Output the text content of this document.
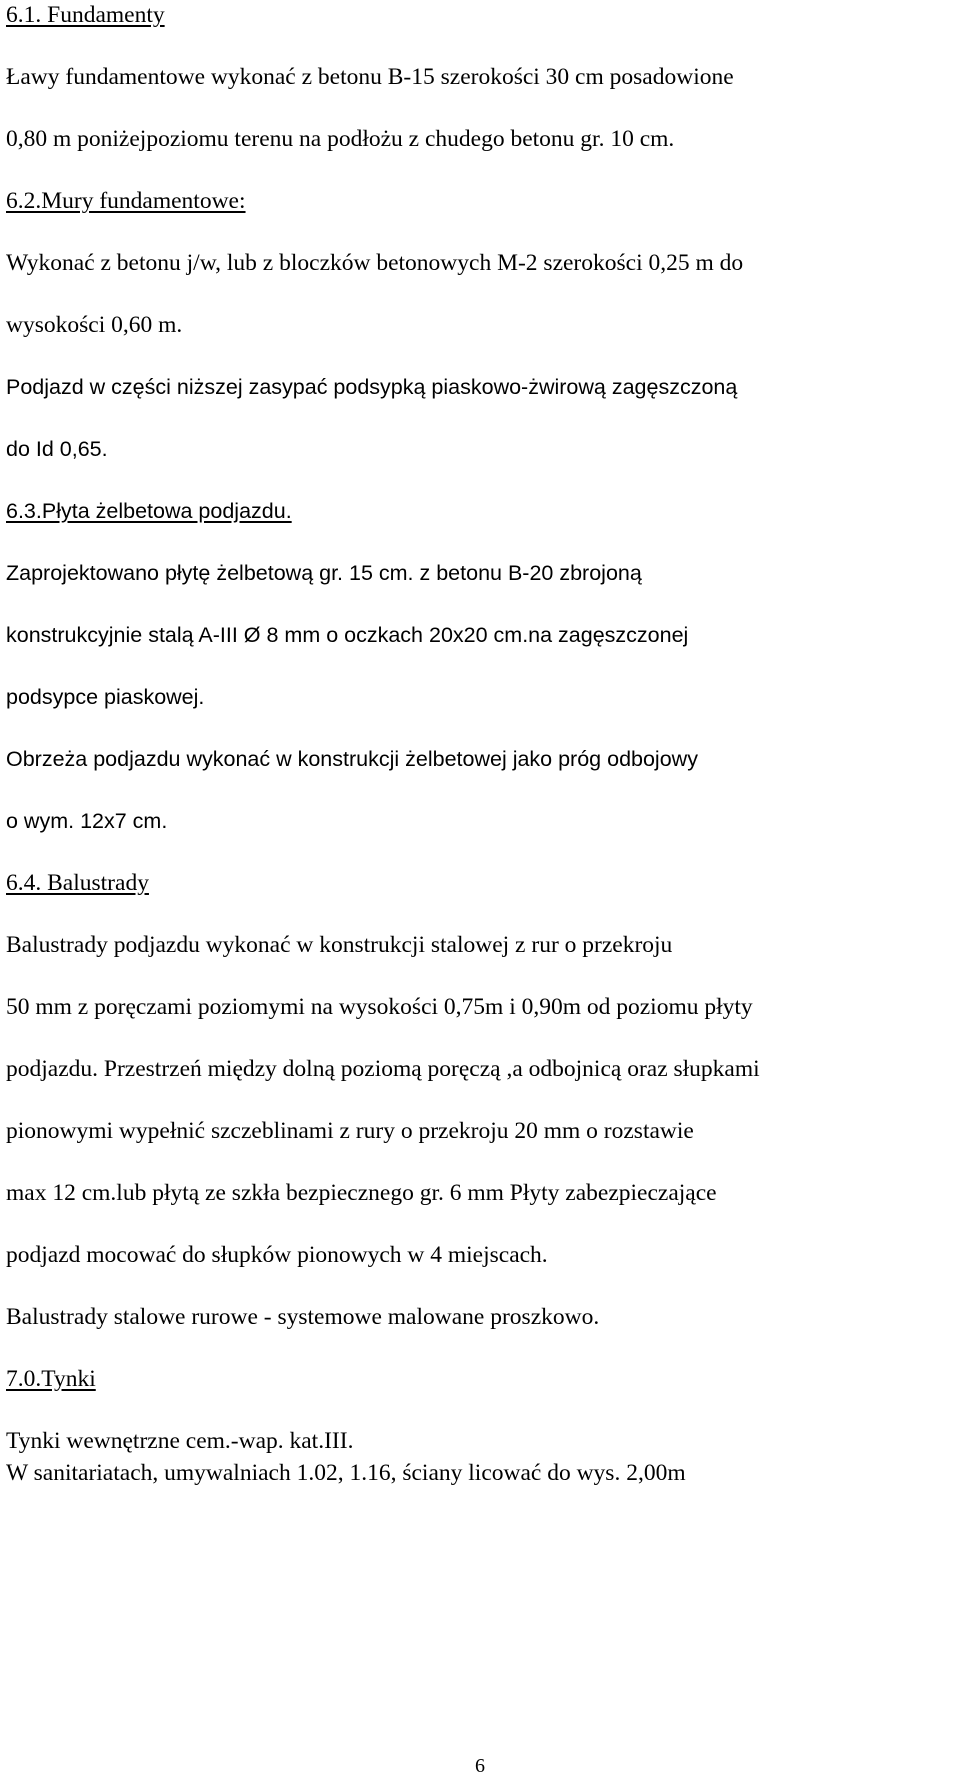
6.1. Fundamenty
Ławy fundamentowe wykonać z betonu B-15 szerokości 30 cm posadowione
0,80 m poniżejpoziomu terenu na podłożu z chudego betonu gr. 10 cm.
6.2.Mury fundamentowe:
Wykonać z betonu j/w, lub z bloczków betonowych M-2 szerokości 0,25 m do
wysokości 0,60 m.
Podjazd w części niższej zasypać podsypką piaskowo-żwirową zagęszczoną
do Id 0,65.
6.3.Płyta żelbetowa podjazdu.
Zaprojektowano płytę żelbetową gr. 15 cm. z betonu B-20 zbrojoną
konstrukcyjnie stalą A-III Ø 8 mm o oczkach 20x20 cm.na zagęszczonej
podsypce piaskowej.
Obrzeża podjazdu wykonać w konstrukcji żelbetowej jako próg odbojowy
o wym. 12x7 cm.
6.4. Balustrady
Balustrady podjazdu wykonać w konstrukcji stalowej z rur o przekroju
50 mm z poręczami poziomymi na wysokości 0,75m i 0,90m od poziomu płyty
podjazdu. Przestrzeń między dolną poziomą poręczą ,a odbojnicą oraz słupkami
pionowymi wypełnić szczeblinami z rury o przekroju 20 mm o rozstawie
max 12 cm.lub płytą ze szkła bezpiecznego gr. 6 mm Płyty zabezpieczające
podjazd mocować do słupków pionowych w 4 miejscach.
Balustrady stalowe rurowe - systemowe malowane proszkowo.
7.0.Tynki
Tynki wewnętrzne cem.-wap. kat.III.
W sanitariatach, umywalniach 1.02, 1.16, ściany licować do wys. 2,00m
6
